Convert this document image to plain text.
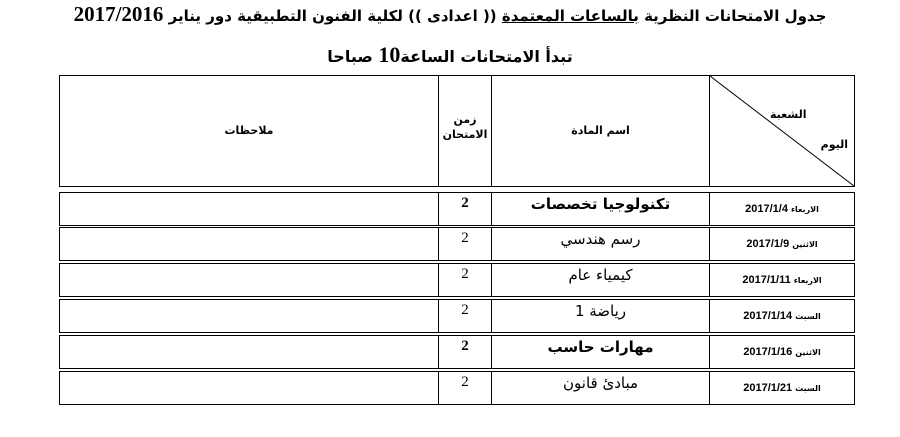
جدول الامتحانات النظرية بالساعات المعتمدة (( اعدادى )) لكلية الفنون التطبيقية دور يناير 2017/2016
تبدأ الامتحانات الساعة10 صباحا
الشعبة
اليوم
اسم المادة
زمن
الامتحان
ملاحظات
الاربعاء
2017/1/4
تكنولوجيا تخصصات
2
الاثنين
2017/1/9
رسم هندسي
2
الاربعاء
2017/1/11
كيمياء عام
2
السبت
2017/1/14
رياضة 1
2
الاثنين
2017/1/16
مهارات حاسب
2
السبت
2017/1/21
مبادئ قانون
2
